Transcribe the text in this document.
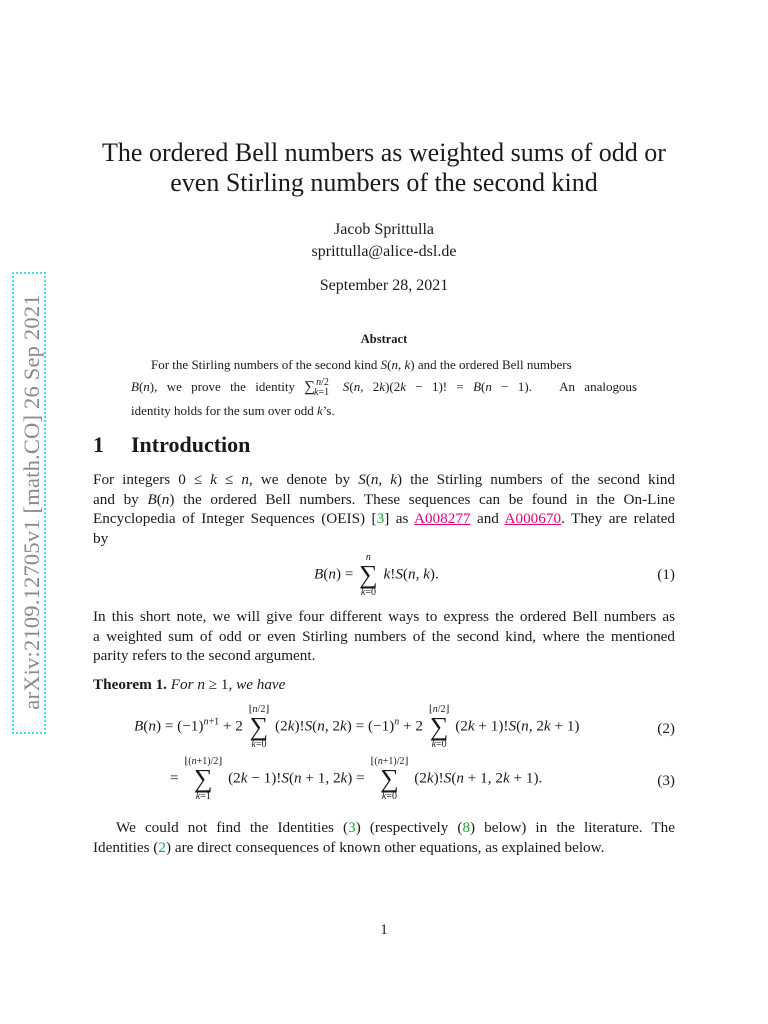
arXiv:2109.12705v1 [math.CO] 26 Sep 2021
The ordered Bell numbers as weighted sums of odd or
even Stirling numbers of the second kind
Jacob Sprittulla
sprittulla@alice-dsl.de
September 28, 2021
Abstract
For the Stirling numbers of the second kind S(n, k) and the ordered Bell numbers
B(n), we prove the identity $\sum_{k=1}^{n/2}$ S(n, 2k)(2k − 1)! = B(n − 1).   An analogous
identity holds for the sum over odd k’s.
1 Introduction
For integers 0 ≤ k ≤ n, we denote by S(n, k) the Stirling numbers of the second kind
and by B(n) the ordered Bell numbers. These sequences can be found in the On-Line
Encyclopedia of Integer Sequences (OEIS) [3] as A008277 and A000670. They are related
by
B(n) =
n
∑
k=0
k!S(n, k).	(1)
In this short note, we will give four different ways to express the ordered Bell numbers as
a weighted sum of odd or even Stirling numbers of the second kind, where the mentioned
parity refers to the second argument.
Theorem 1. For n ≥ 1, we have
$B(n) = (-1)^{n+1} + 2$
⌊n/2⌋
∑
k=0
(2k)!S(n, $2k) = (-1)^n + 2$
⌊n/2⌋
∑
k=0
(2k + 1)!S(n, 2k + 1)	(2)
=
⌊(n+1)/2⌋
∑
k=1
(2k − 1)!S(n + 1, 2k) =
⌊(n+1)/2⌋
∑
k=0
(2k)!S(n + 1, 2k + 1).	(3)
We could not find the Identities (3) (respectively (8) below) in the literature. The
Identities (2) are direct consequences of known other equations, as explained below.
1
